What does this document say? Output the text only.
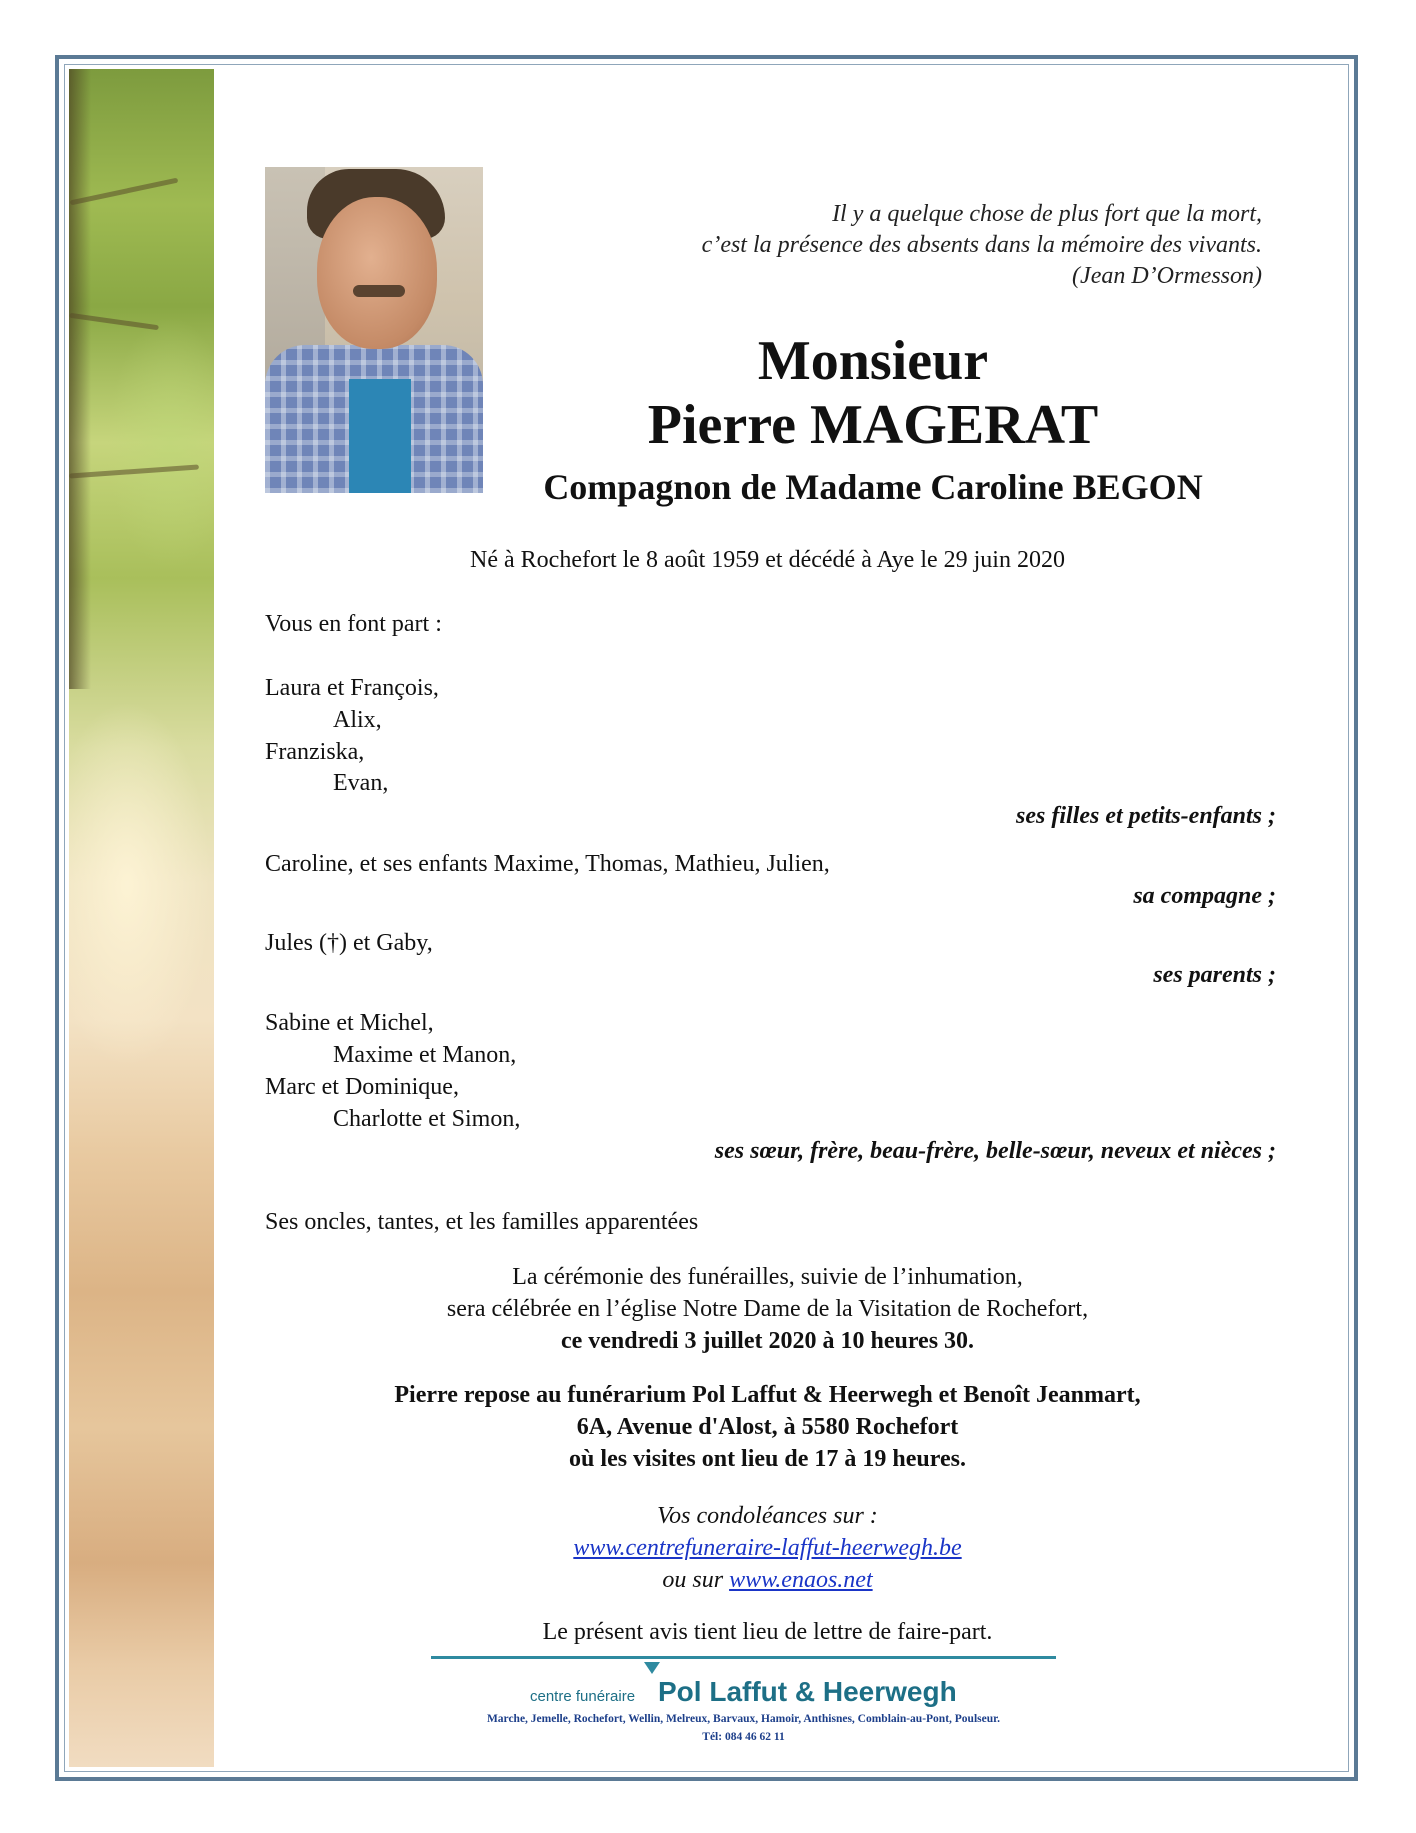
Il y a quelque chose de plus fort que la mort,
c’est la présence des absents dans la mémoire des vivants.
(Jean D’Ormesson)
Monsieur
Pierre MAGERAT
Compagnon de Madame Caroline BEGON
Né à Rochefort le 8 août 1959 et décédé à Aye le 29 juin 2020
Vous en font part :
Laura et François,
Alix,
Franziska,
Evan,
ses filles et petits-enfants ;
Caroline, et ses enfants Maxime, Thomas, Mathieu, Julien,
sa compagne ;
Jules (†) et Gaby,
ses parents ;
Sabine et Michel,
Maxime et Manon,
Marc et Dominique,
Charlotte et Simon,
ses sœur, frère, beau-frère, belle-sœur, neveux et nièces ;
Ses oncles, tantes, et les familles apparentées
La cérémonie des funérailles, suivie de l’inhumation,
sera célébrée en l’église Notre Dame de la Visitation de Rochefort,
ce vendredi 3 juillet 2020 à 10 heures 30.
Pierre repose au funérarium Pol Laffut & Heerwegh et Benoît Jeanmart,
6A, Avenue d'Alost, à 5580 Rochefort
où les visites ont lieu de 17 à 19 heures.
Vos condoléances sur :
www.centrefuneraire-laffut-heerwegh.be
ou sur www.enaos.net
Le présent avis tient lieu de lettre de faire-part.
centre funéraire Pol Laffut & Heerwegh
Marche, Jemelle, Rochefort, Wellin, Melreux, Barvaux, Hamoir, Anthisnes, Comblain-au-Pont, Poulseur.
Tél: 084 46 62 11
